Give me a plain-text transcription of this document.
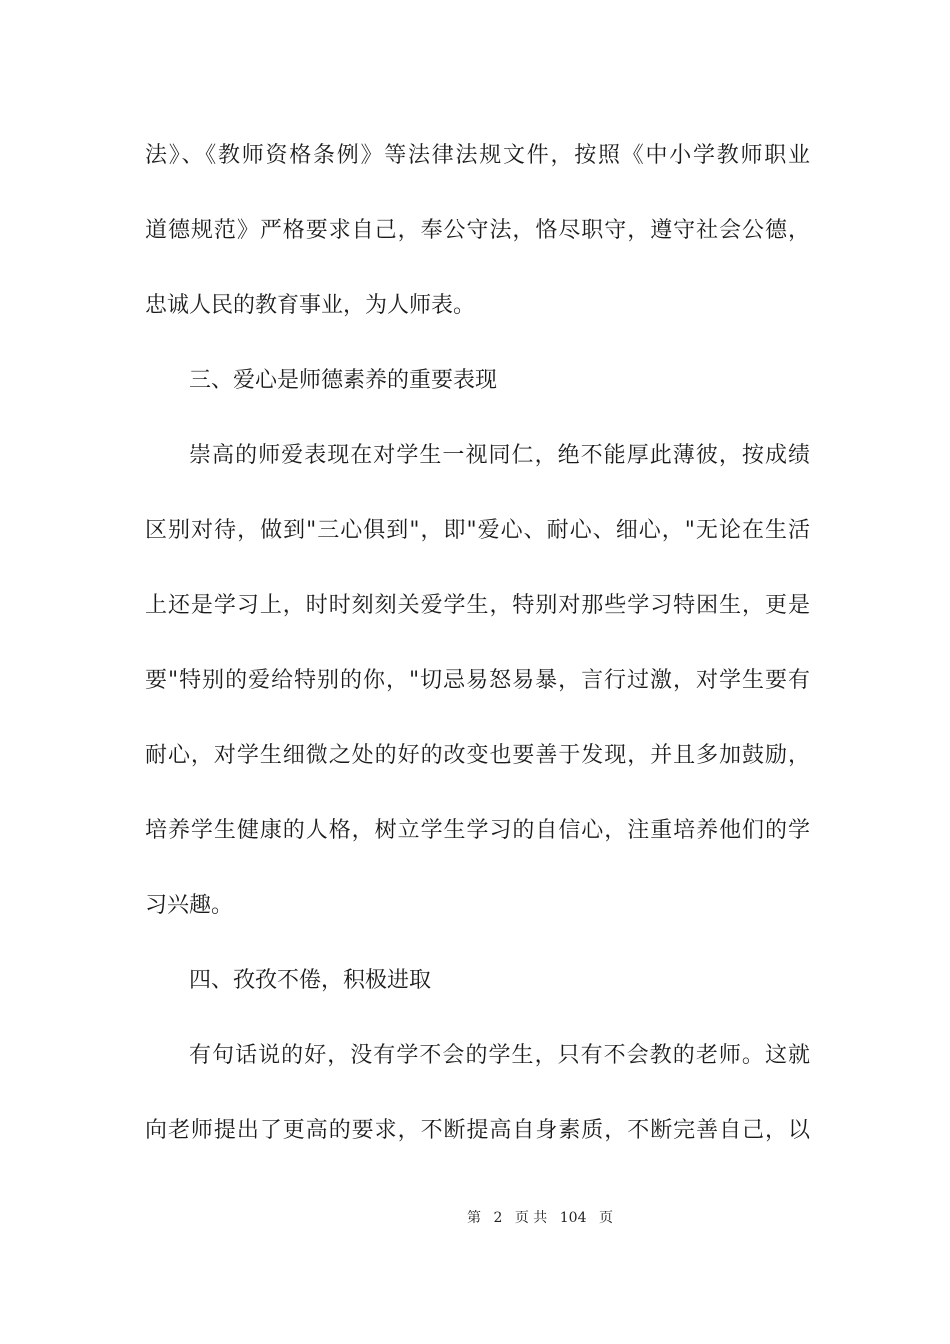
法》、《教师资格条例》等法律法规文件，按照《中小学教师职业
道德规范》严格要求自己，奉公守法，恪尽职守，遵守社会公德，
忠诚人民的教育事业，为人师表。
三、爱心是师德素养的重要表现
崇高的师爱表现在对学生一视同仁，绝不能厚此薄彼，按成绩
区别对待，做到"三心俱到"，即"爱心、耐心、细心，"无论在生活
上还是学习上，时时刻刻关爱学生，特别对那些学习特困生，更是
要"特别的爱给特别的你，"切忌易怒易暴，言行过激，对学生要有
耐心，对学生细微之处的好的改变也要善于发现，并且多加鼓励，
培养学生健康的人格，树立学生学习的自信心，注重培养他们的学
习兴趣。
四、孜孜不倦，积极进取
有句话说的好，没有学不会的学生，只有不会教的老师。这就
向老师提出了更高的要求，不断提高自身素质，不断完善自己，以
第 2 页 共 104 页
